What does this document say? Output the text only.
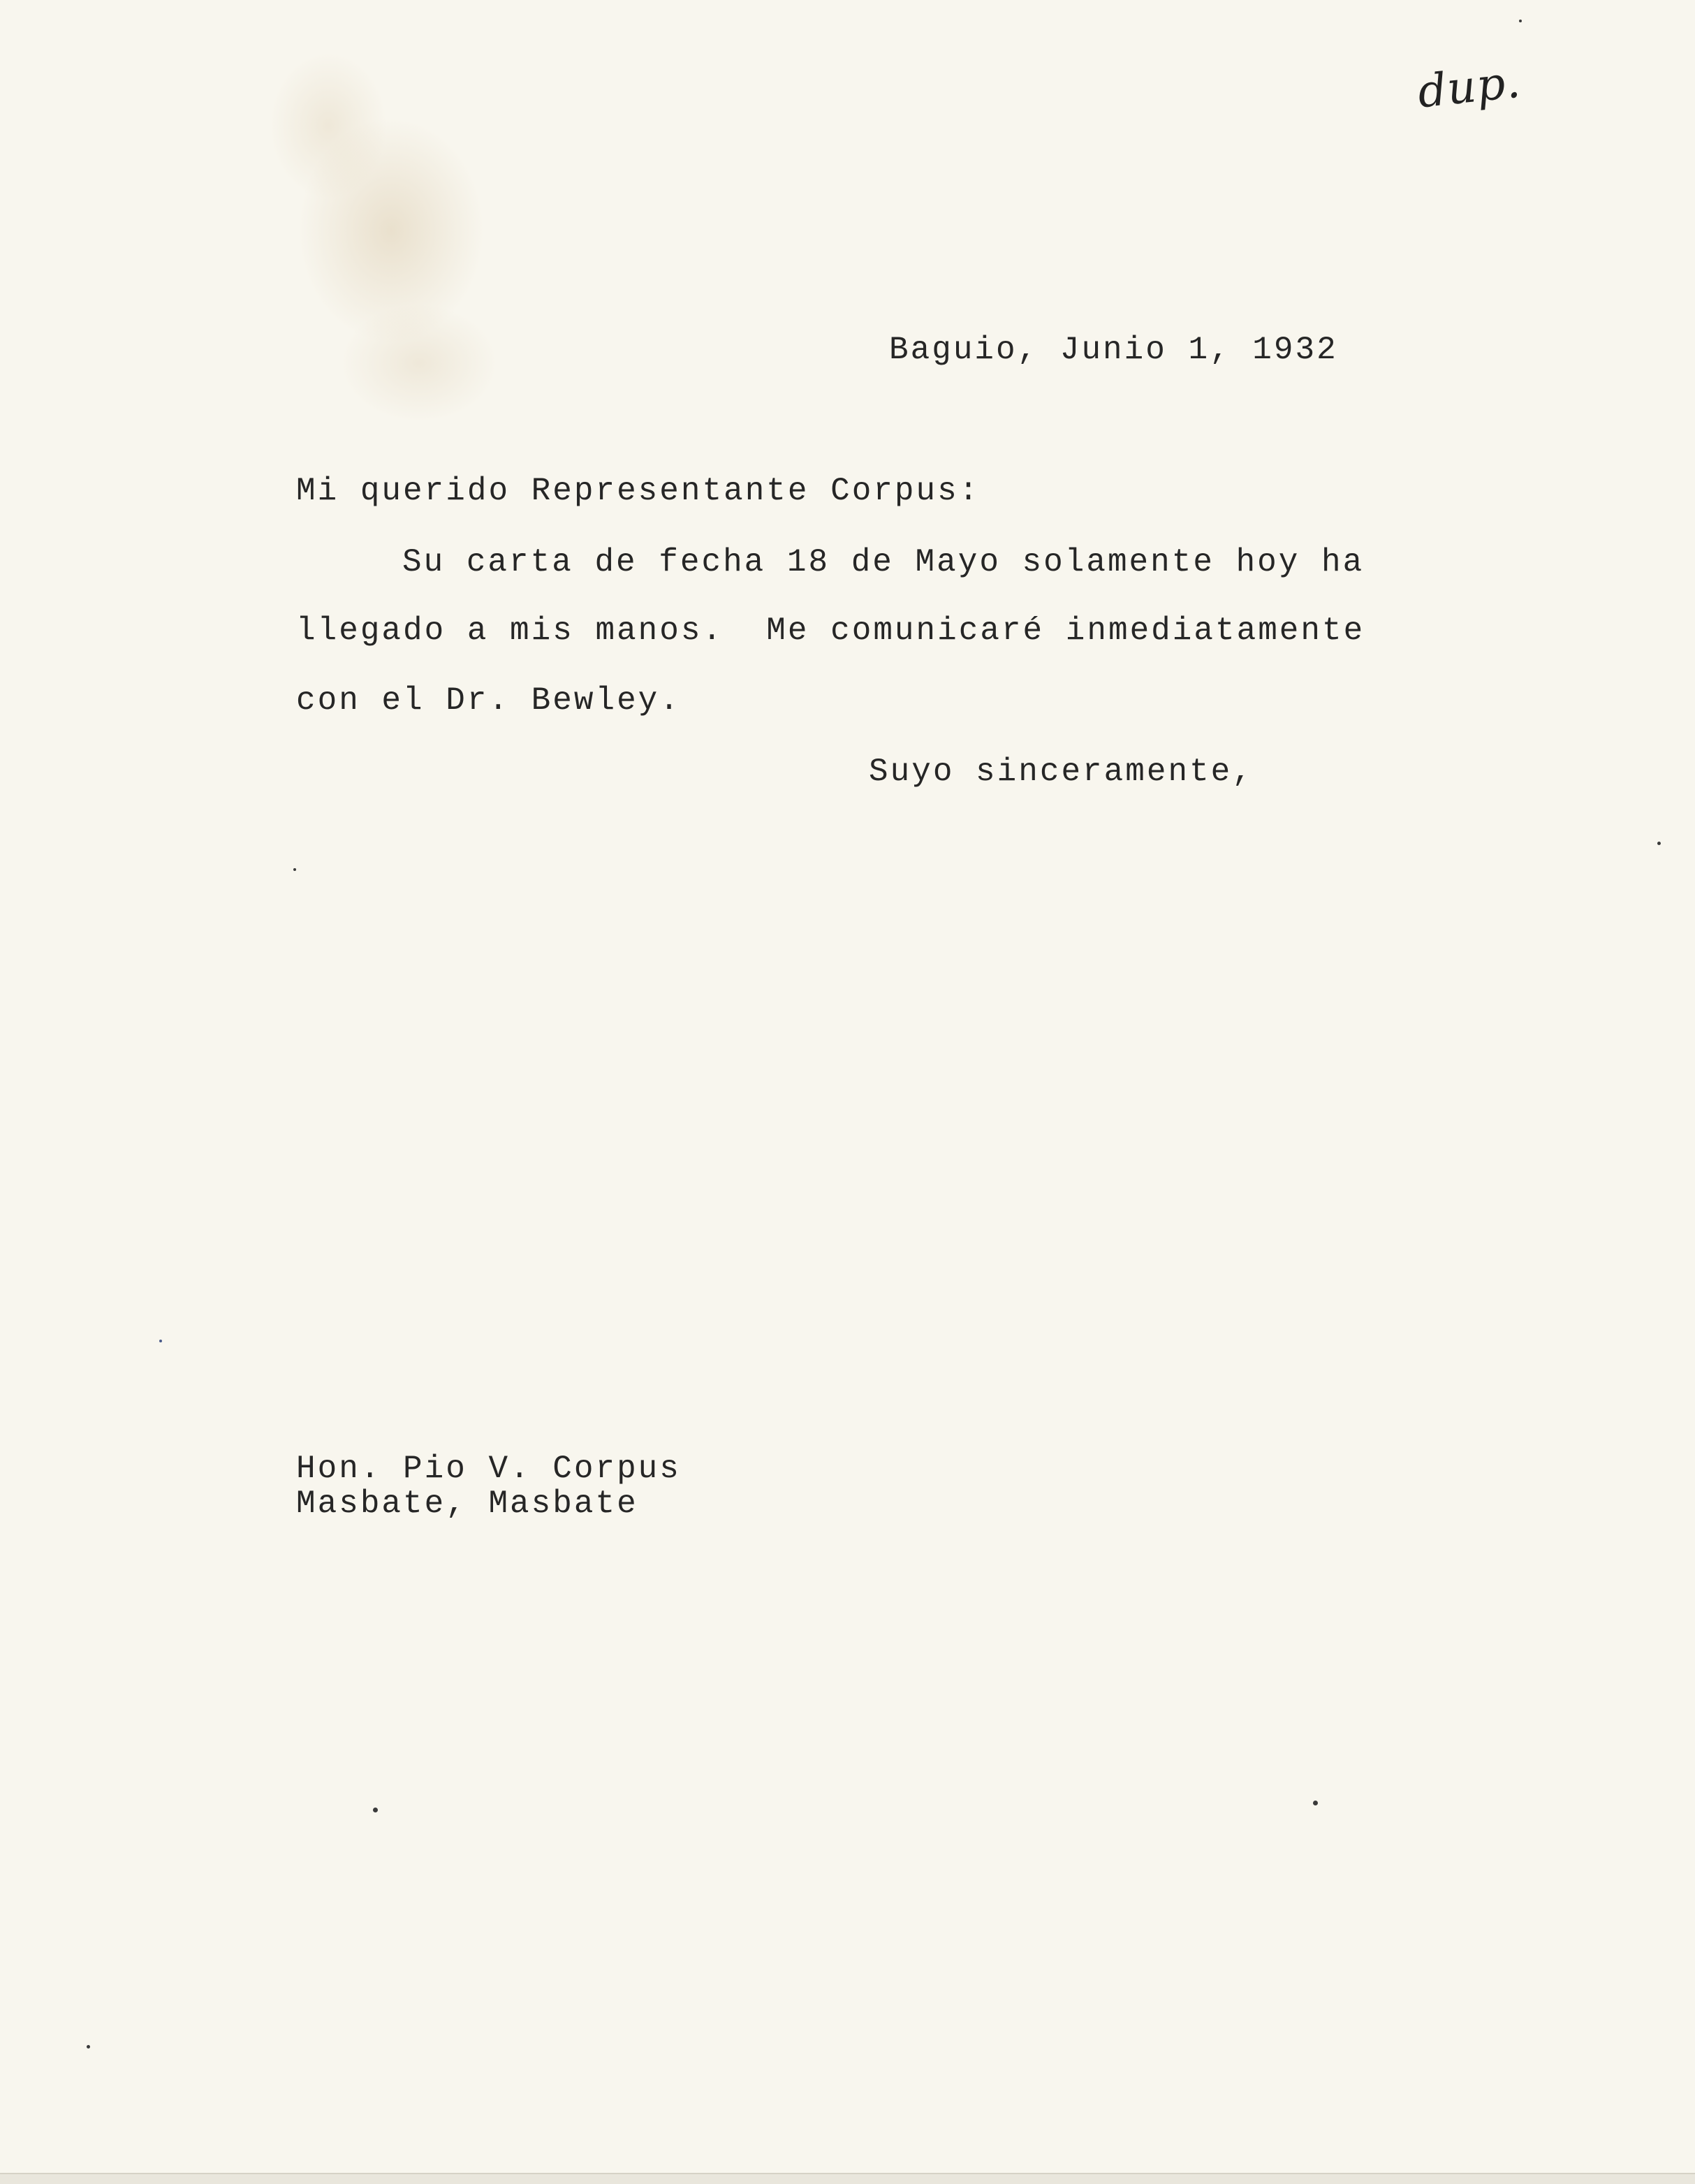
dup.
Baguio, Junio 1, 1932
Mi querido Representante Corpus:
Su carta de fecha 18 de Mayo solamente hoy ha
llegado a mis manos.  Me comunicaré inmediatamente
con el Dr. Bewley.
Suyo sinceramente,
Hon. Pio V. Corpus
Masbate, Masbate
